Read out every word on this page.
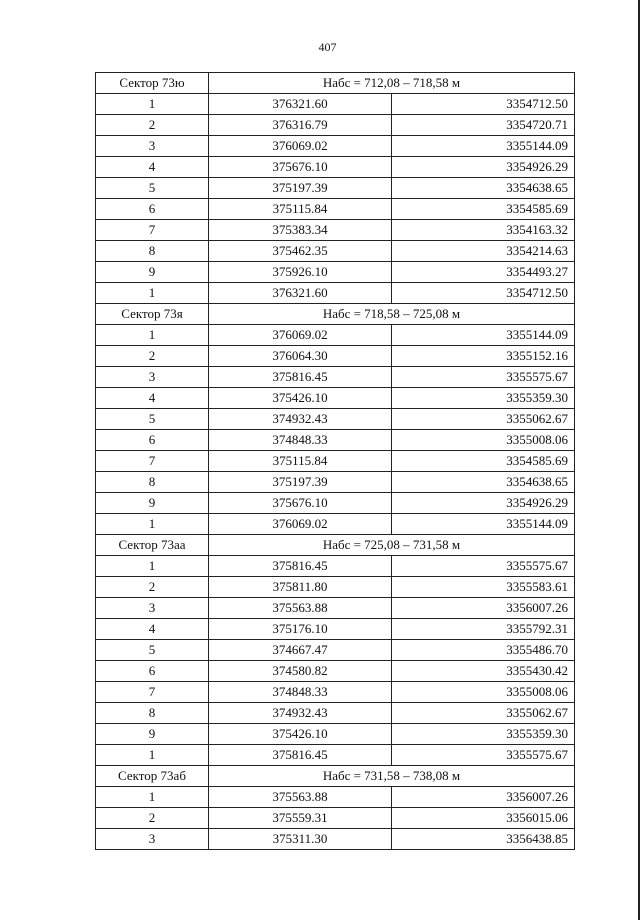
407
Сектор 73ю	Набс = 712,08 – 718,58 м	
1	376321.60	3354712.50
2	376316.79	3354720.71
3	376069.02	3355144.09
4	375676.10	3354926.29
5	375197.39	3354638.65
6	375115.84	3354585.69
7	375383.34	3354163.32
8	375462.35	3354214.63
9	375926.10	3354493.27
1	376321.60	3354712.50
Сектор 73я	Набс = 718,58 – 725,08 м	
1	376069.02	3355144.09
2	376064.30	3355152.16
3	375816.45	3355575.67
4	375426.10	3355359.30
5	374932.43	3355062.67
6	374848.33	3355008.06
7	375115.84	3354585.69
8	375197.39	3354638.65
9	375676.10	3354926.29
1	376069.02	3355144.09
Сектор 73аа	Набс = 725,08 – 731,58 м	
1	375816.45	3355575.67
2	375811.80	3355583.61
3	375563.88	3356007.26
4	375176.10	3355792.31
5	374667.47	3355486.70
6	374580.82	3355430.42
7	374848.33	3355008.06
8	374932.43	3355062.67
9	375426.10	3355359.30
1	375816.45	3355575.67
Сектор 73аб	Набс = 731,58 – 738,08 м	
1	375563.88	3356007.26
2	375559.31	3356015.06
3	375311.30	3356438.85
